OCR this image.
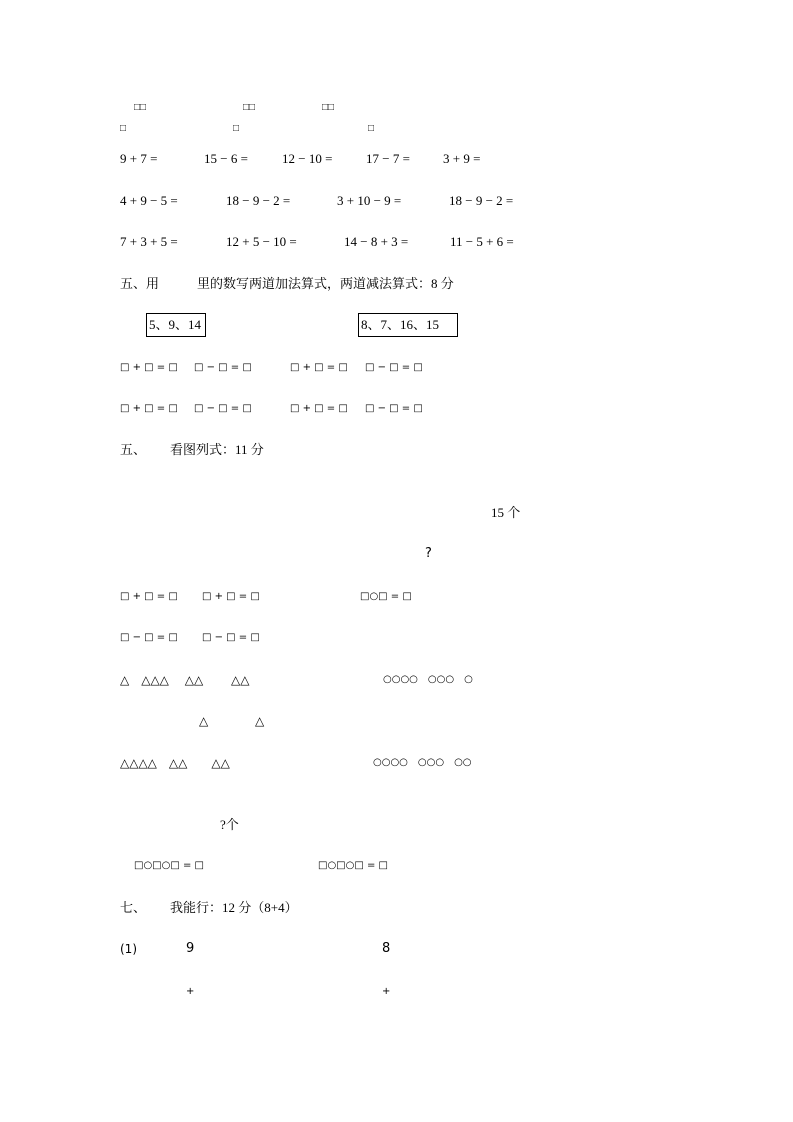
□□	□□	□□
□	□	□
9 + 7 =	15 − 6 =	12 − 10 =	17 − 7 =	3 + 9 =
4 + 9 − 5 =	18 − 9 − 2 =	3 + 10 − 9 =	18 − 9 − 2 =
7 + 3 + 5 =	12 + 5 − 10 =	14 − 8 + 3 =	11 − 5 + 6 =
五、用	里的数写两道加法算式，两道减法算式：8 分
5、9、14	8、7、16、15
□ + □ = □ □ − □ = □	□ + □ = □ □ − □ = □
□ + □ = □ □ − □ = □	□ + □ = □ □ − □ = □
五、 看图列式：11 分
15 个
?
□ + □ = □ □ + □ = □	□○□ = □
□ − □ = □ □ − □ = □
△　△△△　 △△　　 △△	○○○○　○○○　○
△	△
△△△△　△△　　△△	○○○○　○○○　○○
?个
□○□○□ = □	□○□○□ = □
七、 我能行：12 分（8+4）
(1)	9	8
+	+
